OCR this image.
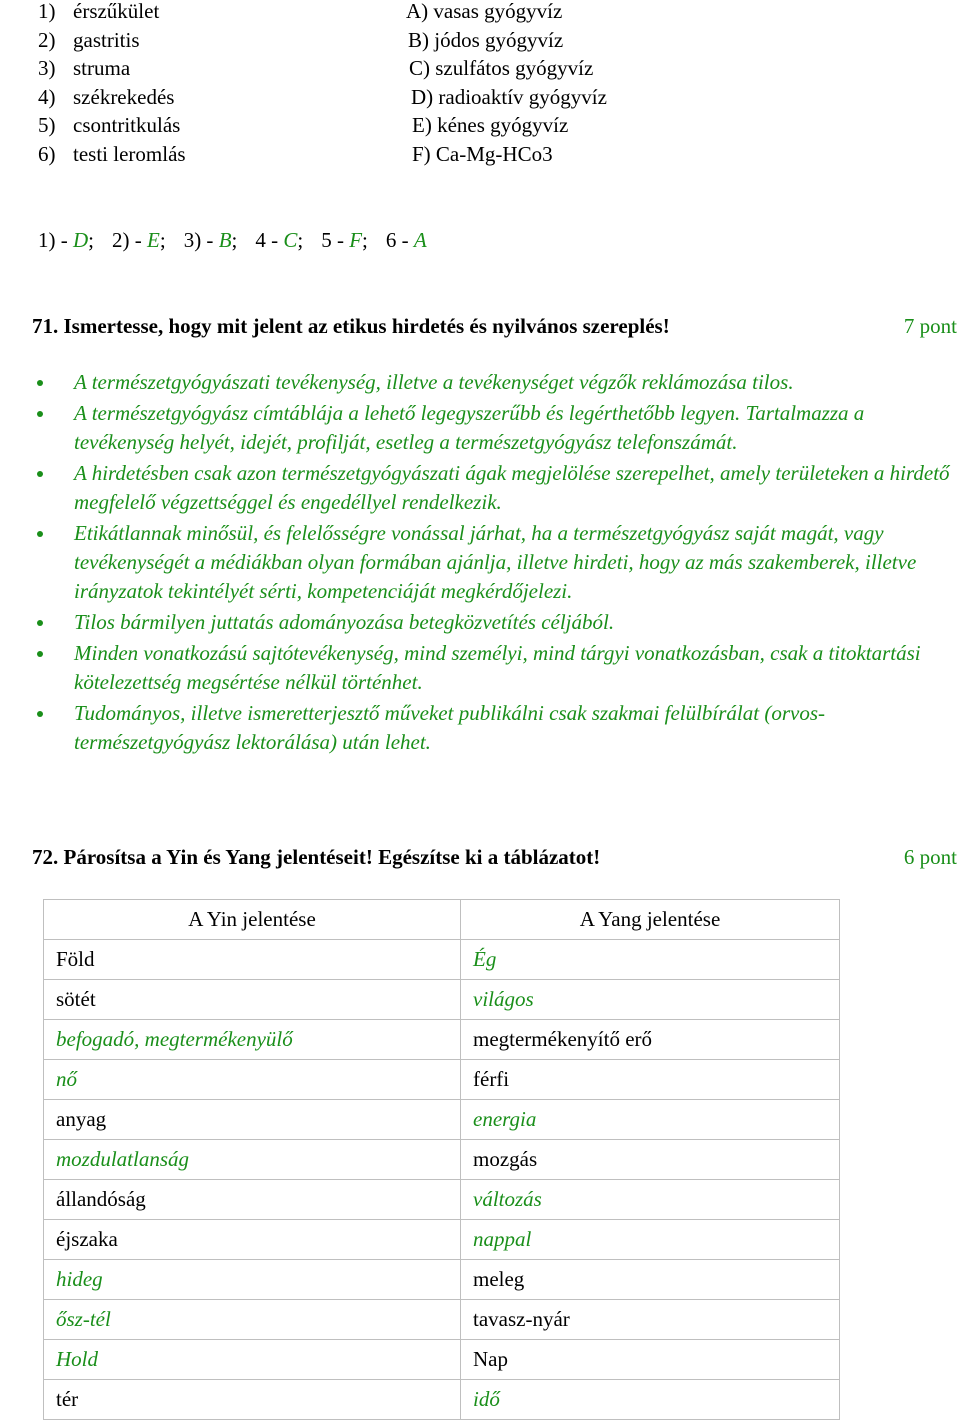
1) érszűkület	A) vasas gyógyvíz
2) gastritis	B) jódos gyógyvíz
3) struma	C) szulfátos gyógyvíz
4) székrekedés	D) radioaktív gyógyvíz
5) csontritkulás	E) kénes gyógyvíz
6) testi leromlás	F) Ca-Mg-HCo3
1) - D; 2) - E; 3) - B; 4 - C; 5 - F; 6 - A
71. Ismertesse, hogy mit jelent az etikus hirdetés és nyilvános szereplés!	7 pont
A természetgyógyászati tevékenység, illetve a tevékenységet végzők reklámozása tilos.
A természetgyógyász címtáblája a lehető legegyszerűbb és legérthetőbb legyen. Tartalmazza a tevékenység helyét, idejét, profilját, esetleg a természetgyógyász telefonszámát.
A hirdetésben csak azon természetgyógyászati ágak megjelölése szerepelhet, amely területeken a hirdető megfelelő végzettséggel és engedéllyel rendelkezik.
Etikátlannak minősül, és felelősségre vonással járhat, ha a természetgyógyász saját magát, vagy tevékenységét a médiákban olyan formában ajánlja, illetve hirdeti, hogy az más szakemberek, illetve irányzatok tekintélyét sérti, kompetenciáját megkérdőjelezi.
Tilos bármilyen juttatás adományozása betegközvetítés céljából.
Minden vonatkozású sajtótevékenység, mind személyi, mind tárgyi vonatkozásban, csak a titoktartási kötelezettség megsértése nélkül történhet.
Tudományos, illetve ismeretterjesztő műveket publikálni csak szakmai felülbírálat (orvos-természetgyógyász lektorálása) után lehet.
72. Párosítsa a Yin és Yang jelentéseit! Egészítse ki a táblázatot!	6 pont
A Yin jelentése	A Yang jelentése
Föld	Ég
sötét	világos
befogadó, megtermékenyülő	megtermékenyítő erő
nő	férfi
anyag	energia
mozdulatlanság	mozgás
állandóság	változás
éjszaka	nappal
hideg	meleg
ősz-tél	tavasz-nyár
Hold	Nap
tér	idő
